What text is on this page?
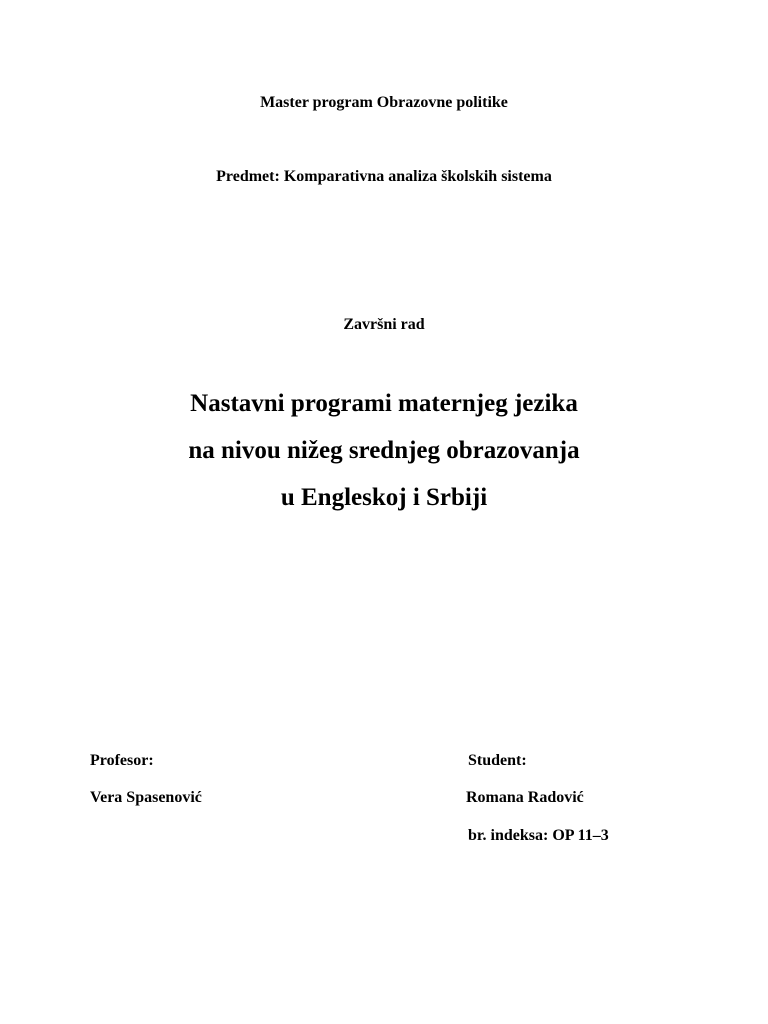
Master program Obrazovne politike
Predmet: Komparativna analiza školskih sistema
Završni rad
Nastavni programi maternjeg jezika
na nivou nižeg srednjeg obrazovanja
u Engleskoj i Srbiji
Profesor:
Vera Spasenović
Student:
Romana Radović
br. indeksa: OP 11–3
